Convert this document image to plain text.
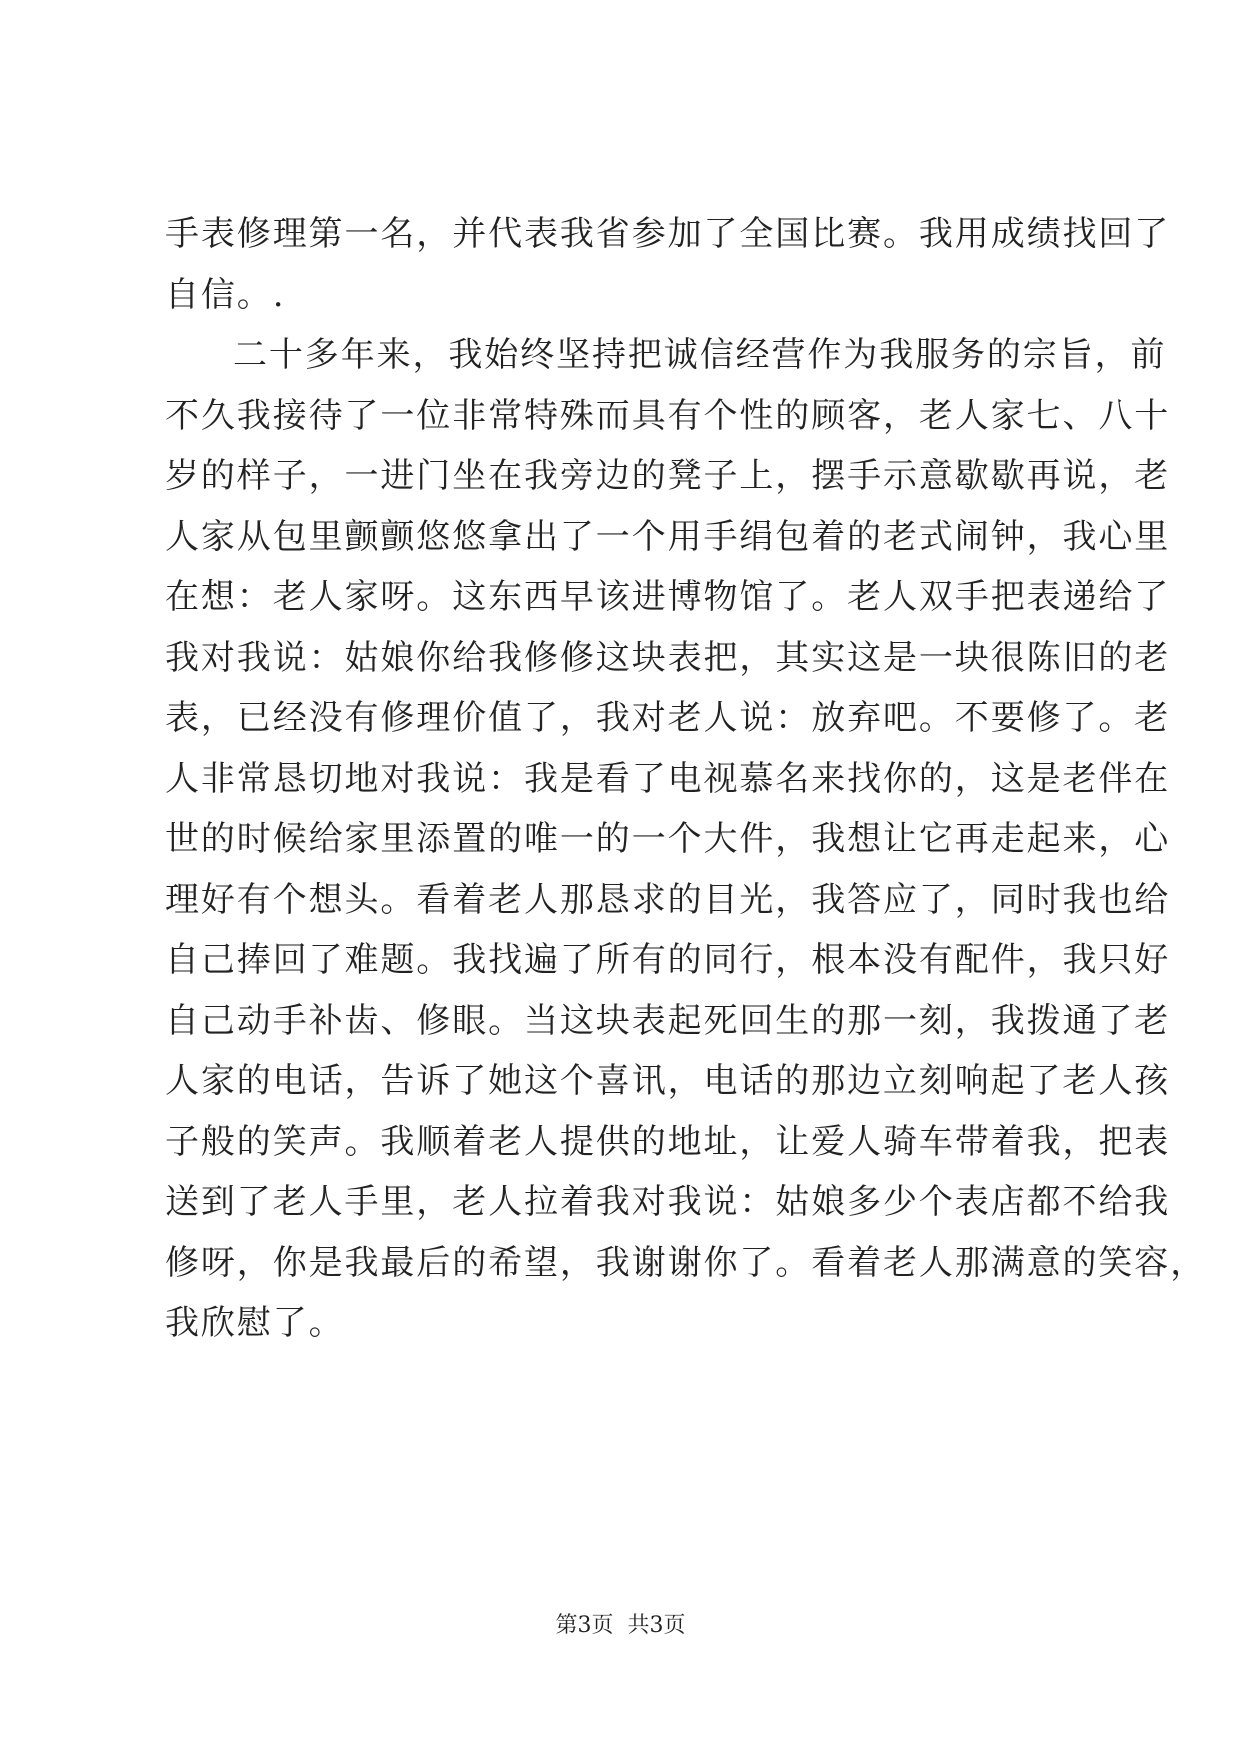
手表修理第一名，并代表我省参加了全国比赛。我用成绩找回了
自信。.
二十多年来，我始终坚持把诚信经营作为我服务的宗旨，前
不久我接待了一位非常特殊而具有个性的顾客，老人家七、八十
岁的样子，一进门坐在我旁边的凳子上，摆手示意歇歇再说，老
人家从包里颤颤悠悠拿出了一个用手绢包着的老式闹钟，我心里
在想：老人家呀。这东西早该进博物馆了。老人双手把表递给了
我对我说：姑娘你给我修修这块表把，其实这是一块很陈旧的老
表，已经没有修理价值了，我对老人说：放弃吧。不要修了。老
人非常恳切地对我说：我是看了电视慕名来找你的，这是老伴在
世的时候给家里添置的唯一的一个大件，我想让它再走起来，心
理好有个想头。看着老人那恳求的目光，我答应了，同时我也给
自己捧回了难题。我找遍了所有的同行，根本没有配件，我只好
自己动手补齿、修眼。当这块表起死回生的那一刻，我拨通了老
人家的电话，告诉了她这个喜讯，电话的那边立刻响起了老人孩
子般的笑声。我顺着老人提供的地址，让爱人骑车带着我，把表
送到了老人手里，老人拉着我对我说：姑娘多少个表店都不给我
修呀，你是我最后的希望，我谢谢你了。看着老人那满意的笑容，
我欣慰了。
第3页 共3页
